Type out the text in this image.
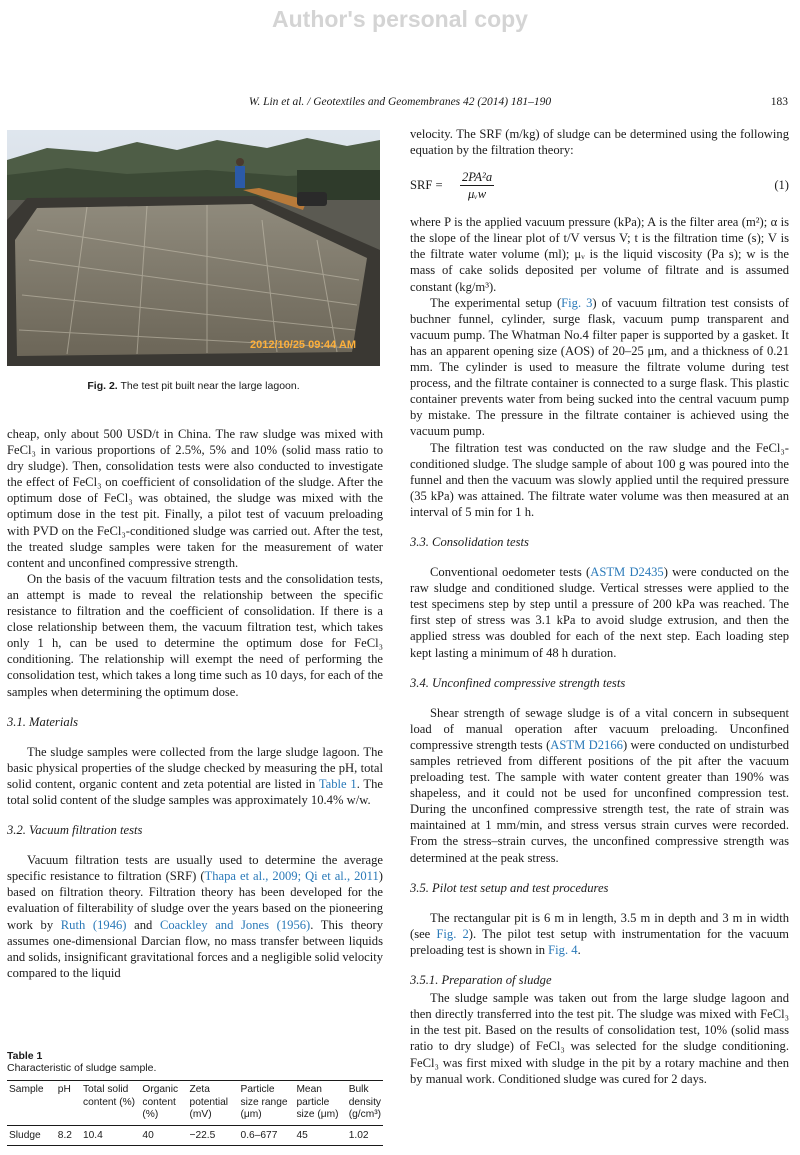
Author's personal copy
W. Lin et al. / Geotextiles and Geomembranes 42 (2014) 181–190	183
2012/10/25 09:44 AM
Fig. 2. The test pit built near the large lagoon.

cheap, only about 500 USD/t in China. The raw sludge was mixed with FeCl₃ in various proportions of 2.5%, 5% and 10% (solid mass ratio to dry sludge). Then, consolidation tests were also conducted to investigate the effect of FeCl₃ on coefficient of consolidation of the sludge. After the optimum dose of FeCl₃ was obtained, the sludge was mixed with the optimum dose in the test pit. Finally, a pilot test of vacuum preloading with PVD on the FeCl₃-conditioned sludge was carried out. After the test, the treated sludge samples were taken for the measurement of water content and unconfined compressive strength.

On the basis of the vacuum filtration tests and the consolidation tests, an attempt is made to reveal the relationship between the specific resistance to filtration and the coefficient of consolidation. If there is a close relationship between them, the vacuum filtration test, which takes only 1 h, can be used to determine the optimum dose for FeCl₃ conditioning. The relationship will exempt the need of performing the consolidation test, which takes a long time such as 10 days, for each of the samples when determining the optimum dose.

3.1. Materials

The sludge samples were collected from the large sludge lagoon. The basic physical properties of the sludge checked by measuring the pH, total solid content, organic content and zeta potential are listed in Table 1. The total solid content of the sludge samples was approximately 10.4% w/w.

3.2. Vacuum filtration tests

Vacuum filtration tests are usually used to determine the average specific resistance to filtration (SRF) (Thapa et al., 2009; Qi et al., 2011) based on filtration theory. Filtration theory has been developed for the evaluation of filterability of sludge over the years based on the pioneering work by Ruth (1946) and Coackley and Jones (1956). This theory assumes one-dimensional Darcian flow, no mass transfer between liquids and solids, insignificant gravitational forces and a negligible solid velocity compared to the liquid

Table 1
Characteristic of sludge sample.
Sample	pH	Total solid content (%)	Organic content (%)	Zeta potential (mV)	Particle size range (μm)	Mean particle size (μm)	Bulk density (g/cm³)
Sludge	8.2	10.4	40	−22.5	0.6–677	45	1.02

velocity. The SRF (m/kg) of sludge can be determined using the following equation by the filtration theory:

SRF =	$\frac{\text{2PA²a}}{\text{μᵥw}}$	(1)

where P is the applied vacuum pressure (kPa); A is the filter area (m²); α is the slope of the linear plot of t/V versus V; t is the filtration time (s); V is the filtrate water volume (ml); μᵥ is the liquid viscosity (Pa s); w is the mass of cake solids deposited per volume of filtrate and is assumed constant (kg/m³).

The experimental setup (Fig. 3) of vacuum filtration test consists of buchner funnel, cylinder, surge flask, vacuum pump transparent and vacuum pump. The Whatman No.4 filter paper is supported by a gasket. It has an apparent opening size (AOS) of 20–25 μm, and a thickness of 0.21 mm. The cylinder is used to measure the filtrate volume during test process, and the filtrate container is connected to a surge flask. This plastic container prevents water from being sucked into the central vacuum pump by mistake. The pressure in the filtrate container is achieved using the vacuum pump.

The filtration test was conducted on the raw sludge and the FeCl₃-conditioned sludge. The sludge sample of about 100 g was poured into the funnel and then the vacuum was slowly applied until the required pressure (35 kPa) was attained. The filtrate water volume was then measured at an interval of 5 min for 1 h.

3.3. Consolidation tests

Conventional oedometer tests (ASTM D2435) were conducted on the raw sludge and conditioned sludge. Vertical stresses were applied to the test specimens step by step until a pressure of 200 kPa was reached. The first step of stress was 3.1 kPa to avoid sludge extrusion, and then the applied stress was doubled for each of the next step. Each loading step kept lasting a minimum of 48 h duration.

3.4. Unconfined compressive strength tests

Shear strength of sewage sludge is of a vital concern in subsequent load of manual operation after vacuum preloading. Unconfined compressive strength tests (ASTM D2166) were conducted on undisturbed samples retrieved from different positions of the pit after the vacuum preloading test. The sample with water content greater than 190% was shapeless, and it could not be used for unconfined compression test. During the unconfined compressive strength test, the rate of strain was maintained at 1 mm/min, and stress versus strain curves were recorded. From the stress–strain curves, the unconfined compressive strength was determined at the peak stress.

3.5. Pilot test setup and test procedures

The rectangular pit is 6 m in length, 3.5 m in depth and 3 m in width (see Fig. 2). The pilot test setup with instrumentation for the vacuum preloading test is shown in Fig. 4.

3.5.1. Preparation of sludge

The sludge sample was taken out from the large sludge lagoon and then directly transferred into the test pit. The sludge was mixed with FeCl₃ in the test pit. Based on the results of consolidation test, 10% (solid mass ratio to dry sludge) of FeCl₃ was selected for the sludge conditioning. FeCl₃ was first mixed with sludge in the pit by a rotary machine and then by manual work. Conditioned sludge was cured for 2 days.
